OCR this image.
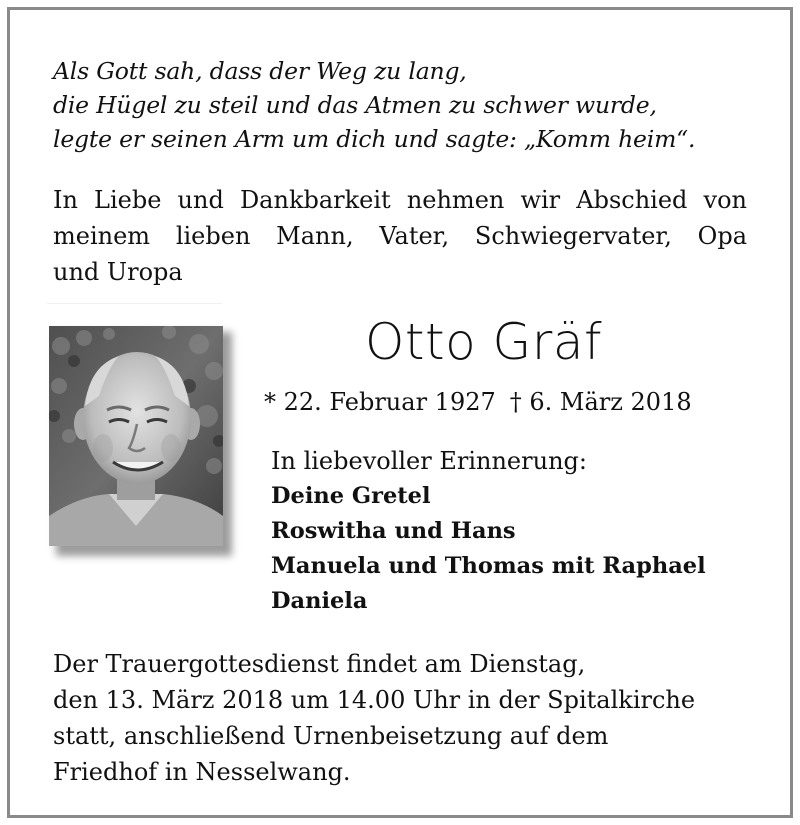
Als Gott sah, dass der Weg zu lang,
die Hügel zu steil und das Atmen zu schwer wurde,
legte er seinen Arm um dich und sagte: „Komm heim“.
In Liebe und Dankbarkeit nehmen wir Abschied von
meinem lieben Mann, Vater, Schwiegervater, Opa
und Uropa
Otto Gräf
* 22. Februar 1927 † 6. März 2018
In liebevoller Erinnerung:
Deine Gretel
Roswitha und Hans
Manuela und Thomas mit Raphael
Daniela
Der Trauergottesdienst findet am Dienstag,
den 13. März 2018 um 14.00 Uhr in der Spitalkirche
statt, anschließend Urnenbeisetzung auf dem
Friedhof in Nesselwang.
